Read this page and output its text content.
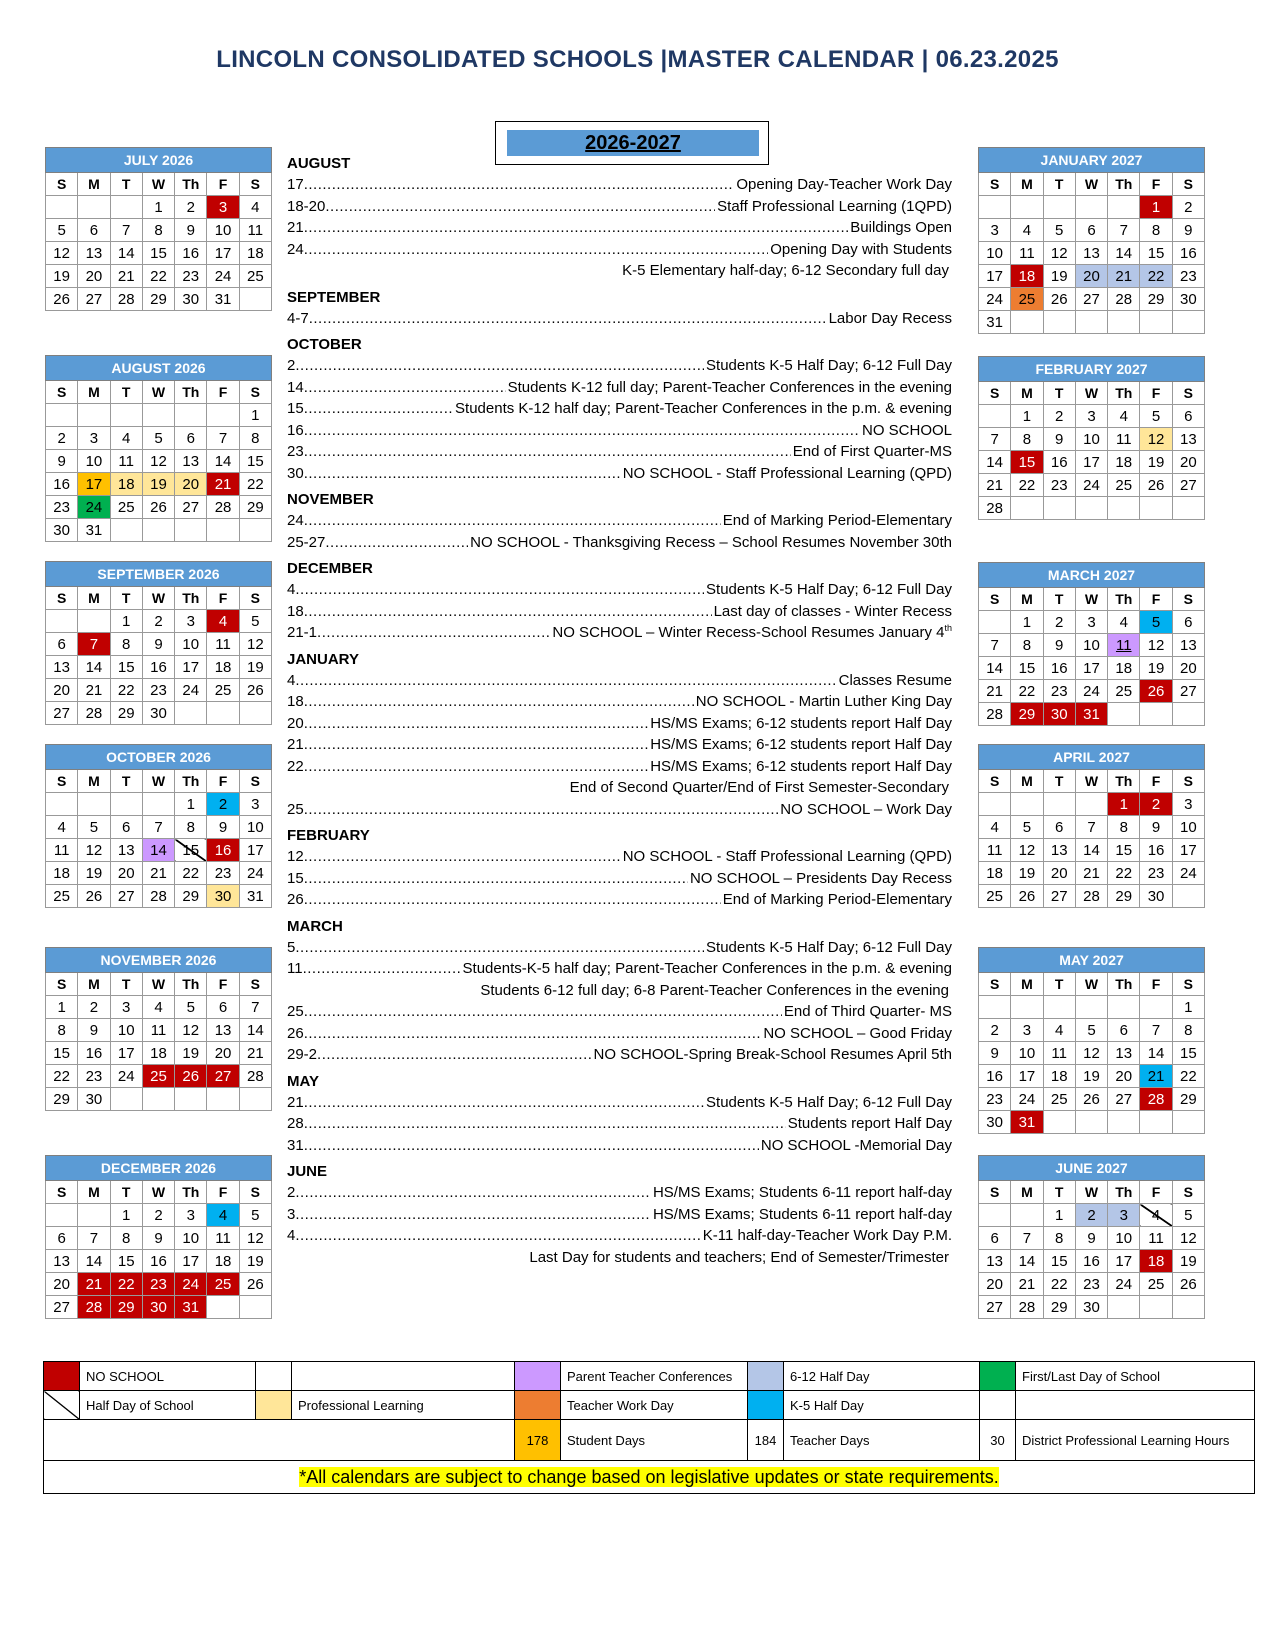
LINCOLN CONSOLIDATED SCHOOLS |MASTER CALENDAR | 06.23.2025
2026-2027
JULY 2026						
S	M	T	W	Th	F	S
			1	2	3	4
5	6	7	8	9	10	11
12	13	14	15	16	17	18
19	20	21	22	23	24	25
26	27	28	29	30	31	
AUGUST 2026						
S	M	T	W	Th	F	S
						1
2	3	4	5	6	7	8
9	10	11	12	13	14	15
16	17	18	19	20	21	22
23	24	25	26	27	28	29
30	31					
SEPTEMBER 2026						
S	M	T	W	Th	F	S
		1	2	3	4	5
6	7	8	9	10	11	12
13	14	15	16	17	18	19
20	21	22	23	24	25	26
27	28	29	30			
OCTOBER 2026						
S	M	T	W	Th	F	S
				1	2	3
4	5	6	7	8	9	10
11	12	13	14	15	16	17
18	19	20	21	22	23	24
25	26	27	28	29	30	31
NOVEMBER 2026						
S	M	T	W	Th	F	S
1	2	3	4	5	6	7
8	9	10	11	12	13	14
15	16	17	18	19	20	21
22	23	24	25	26	27	28
29	30					
DECEMBER 2026						
S	M	T	W	Th	F	S
		1	2	3	4	5
6	7	8	9	10	11	12
13	14	15	16	17	18	19
20	21	22	23	24	25	26
27	28	29	30	31		
JANUARY 2027						
S	M	T	W	Th	F	S
					1	2
3	4	5	6	7	8	9
10	11	12	13	14	15	16
17	18	19	20	21	22	23
24	25	26	27	28	29	30
31						
FEBRUARY 2027						
S	M	T	W	Th	F	S
	1	2	3	4	5	6
7	8	9	10	11	12	13
14	15	16	17	18	19	20
21	22	23	24	25	26	27
28						
MARCH 2027						
S	M	T	W	Th	F	S
	1	2	3	4	5	6
7	8	9	10	11	12	13
14	15	16	17	18	19	20
21	22	23	24	25	26	27
28	29	30	31			
APRIL 2027						
S	M	T	W	Th	F	S
				1	2	3
4	5	6	7	8	9	10
11	12	13	14	15	16	17
18	19	20	21	22	23	24
25	26	27	28	29	30	
MAY 2027						
S	M	T	W	Th	F	S
						1
2	3	4	5	6	7	8
9	10	11	12	13	14	15
16	17	18	19	20	21	22
23	24	25	26	27	28	29
30	31					
JUNE 2027						
S	M	T	W	Th	F	S
		1	2	3	4	5
6	7	8	9	10	11	12
13	14	15	16	17	18	19
20	21	22	23	24	25	26
27	28	29	30			
AUGUST
17 .....	Opening Day-Teacher Work Day
18-20 .....	Staff Professional Learning (1QPD)
21 .....	Buildings Open
24 .....	Opening Day with Students
K-5 Elementary half-day; 6-12 Secondary full day
SEPTEMBER
4-7 .....	Labor Day Recess
OCTOBER
2 .....	Students K-5 Half Day; 6-12 Full Day
14 .....	Students K-12 full day; Parent-Teacher Conferences in the evening
15 .....	Students K-12 half day; Parent-Teacher Conferences in the p.m. & evening
16 .....	NO SCHOOL
23 .....	End of First Quarter-MS
30 .....	NO SCHOOL - Staff Professional Learning (QPD)
NOVEMBER
24 .....	End of Marking Period-Elementary
25-27 .....	NO SCHOOL - Thanksgiving Recess – School Resumes November 30th
DECEMBER
4 .....	Students K-5 Half Day; 6-12 Full Day
18 .....	Last day of classes - Winter Recess
21-1 .....	NO SCHOOL – Winter Recess-School Resumes January 4th
JANUARY
4 .....	Classes Resume
18 .....	NO SCHOOL - Martin Luther King Day
20 .....	HS/MS Exams; 6-12 students report Half Day
21 .....	HS/MS Exams; 6-12 students report Half Day
22 .....	HS/MS Exams; 6-12 students report Half Day
End of Second Quarter/End of First Semester-Secondary
25 .....	NO SCHOOL – Work Day
FEBRUARY
12 .....	NO SCHOOL - Staff Professional Learning (QPD)
15 .....	NO SCHOOL – Presidents Day Recess
26 .....	End of Marking Period-Elementary
MARCH
5 .....	Students K-5 Half Day; 6-12 Full Day
11 .....	Students-K-5 half day; Parent-Teacher Conferences in the p.m. & evening
Students 6-12 full day; 6-8 Parent-Teacher Conferences in the evening
25 .....	End of Third Quarter- MS
26 .....	NO SCHOOL – Good Friday
29-2 .....	NO SCHOOL-Spring Break-School Resumes April 5th
MAY
21 .....	Students K-5 Half Day; 6-12 Full Day
28 .....	Students report Half Day
31 .....	NO SCHOOL -Memorial Day
JUNE
2 .....	HS/MS Exams; Students 6-11 report half-day
3 .....	HS/MS Exams; Students 6-11 report half-day
4 .....	K-11 half-day-Teacher Work Day P.M.
Last Day for students and teachers; End of Semester/Trimester
	NO SCHOOL				Parent Teacher Conferences		6-12 Half Day		First/Last Day of School
	Half Day of School		Professional Learning		Teacher Work Day		K-5 Half Day		
				178	Student Days	184	Teacher Days	30	District Professional Learning Hours
*All calendars are subject to change based on legislative updates or state requirements.									
